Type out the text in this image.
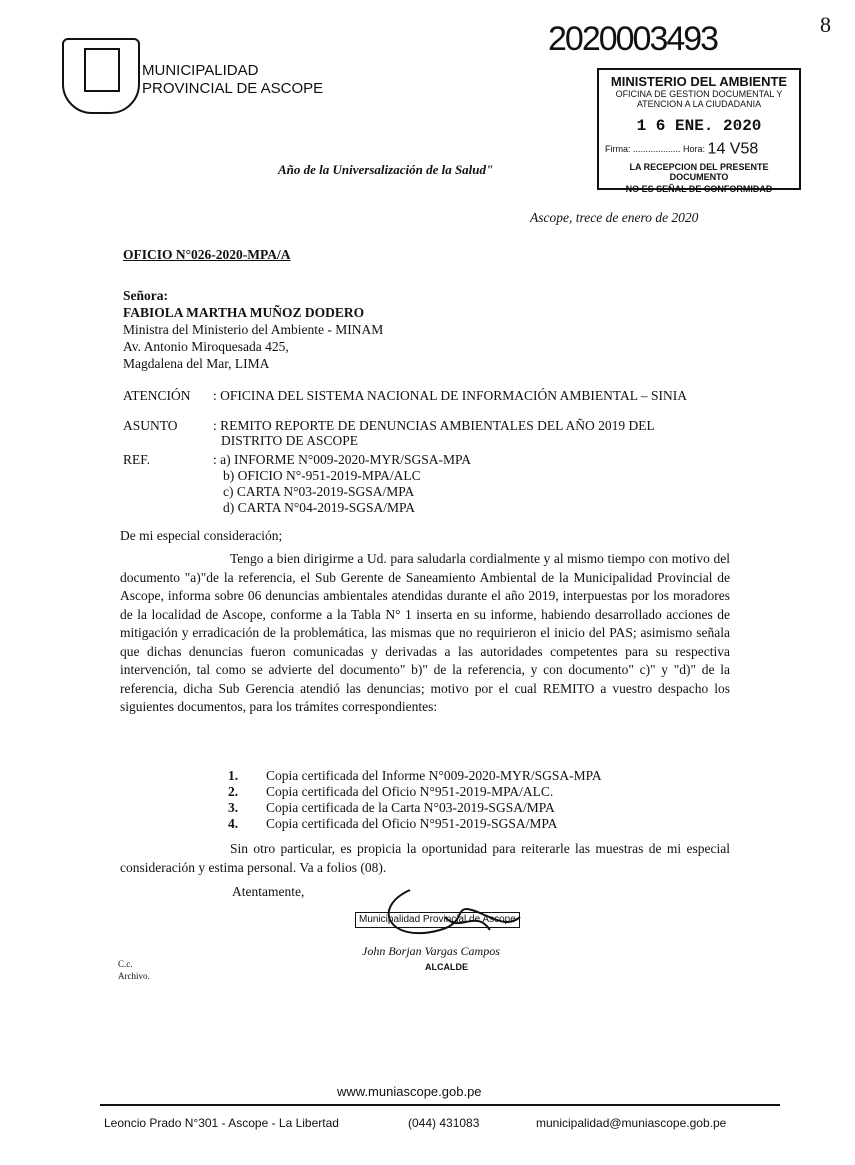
MUNICIPALIDAD
PROVINCIAL DE ASCOPE
2020003493	8
Año de la Universalización de la Salud"
MINISTERIO DEL AMBIENTE
OFICINA DE GESTION DOCUMENTAL Y
ATENCION A LA CIUDADANIA
1 6 ENE. 2020
Firma: ................... Hora: 14 V58
LA RECEPCION DEL PRESENTE DOCUMENTO
NO ES SEÑAL DE CONFORMIDAD
Ascope, trece de enero de 2020
OFICIO N°026-2020-MPA/A
Señora:
FABIOLA MARTHA MUÑOZ DODERO
Ministra del Ministerio del Ambiente - MINAM
Av. Antonio Miroquesada 425,
Magdalena del Mar, LIMA
ATENCIÓN : OFICINA DEL SISTEMA NACIONAL DE INFORMACIÓN AMBIENTAL – SINIA
ASUNTO	: REMITO REPORTE DE DENUNCIAS AMBIENTALES DEL AÑO 2019 DEL
DISTRITO DE ASCOPE
REF.	: a) INFORME N°009-2020-MYR/SGSA-MPA
b) OFICIO N°-951-2019-MPA/ALC
c) CARTA N°03-2019-SGSA/MPA
d) CARTA N°04-2019-SGSA/MPA
De mi especial consideración;

Tengo a bien dirigirme a Ud. para saludarla cordialmente y al mismo tiempo con motivo del documento "a)"de la referencia, el Sub Gerente de Saneamiento Ambiental de la Municipalidad Provincial de Ascope, informa sobre 06 denuncias ambientales atendidas durante el año 2019, interpuestas por los moradores de la localidad de Ascope, conforme a la Tabla N° 1 inserta en su informe, habiendo desarrollado acciones de mitigación y erradicación de la problemática, las mismas que no requirieron el inicio del PAS; asimismo señala que dichas denuncias fueron comunicadas y derivadas a las autoridades competentes para su respectiva intervención, tal como se advierte del documento" b)" de la referencia, y con documento" c)" y "d)" de la referencia, dicha Sub Gerencia atendió las denuncias; motivo por el cual REMITO a vuestro despacho los siguientes documentos, para los trámites correspondientes:

1. Copia certificada del Informe N°009-2020-MYR/SGSA-MPA
2. Copia certificada del Oficio N°951-2019-MPA/ALC.
3. Copia certificada de la Carta N°03-2019-SGSA/MPA
4. Copia certificada del Oficio N°951-2019-SGSA/MPA
Sin otro particular, es propicia la oportunidad para reiterarle las muestras de mi especial consideración y estima personal. Va a folios (08).
Atentamente,
Municipalidad Provincial de Ascope
John Borjan Vargas Campos
ALCALDE
C.c.
Archivo.
www.muniascope.gob.pe
Leoncio Prado N°301 - Ascope - La Libertad	(044) 431083	municipalidad@muniascope.gob.pe
